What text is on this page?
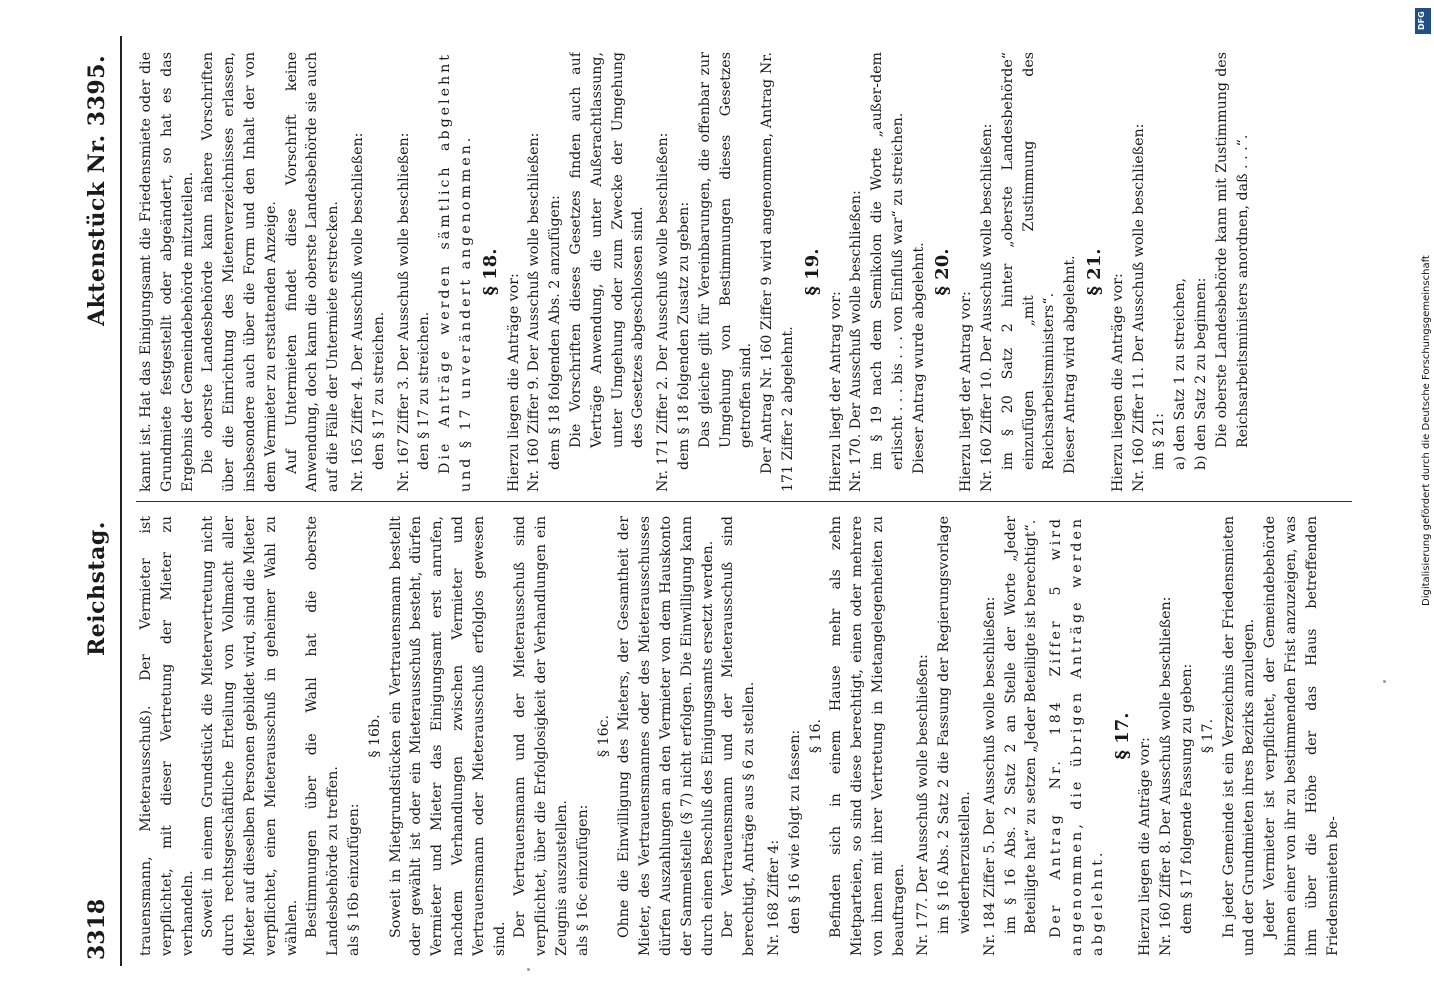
3318
Reichstag.
Aktenstück Nr. 3395.

trauensmann, Mieterausschuß). Der Vermieter ist verpflichtet, mit dieser Vertretung der Mieter zu verhandeln. Soweit in einem Grundstück die Mietervertretung nicht durch rechtsgeschäftliche Erteilung von Vollmacht aller Mieter auf dieselben Personen gebildet wird, sind die Mieter verpflichtet, einen Mieterausschuß in geheimer Wahl zu wählen. Bestimmungen über die Wahl hat die oberste Landesbehörde zu treffen. als § 16b einzufügen:

§ 16b. Soweit in Mietgrundstücken ein Vertrauensmann bestellt oder gewählt ist oder ein Mieterausschuß besteht, dürfen Vermieter und Mieter das Einigungsamt erst anrufen, nachdem Verhandlungen zwischen Vermieter und Vertrauensmann oder Mieterausschuß erfolglos gewesen sind.

Der Vertrauensmann und der Mieterausschuß sind verpflichtet, über die Erfolglosigkeit der Verhandlungen ein Zeugnis auszustellen. als § 16c einzufügen:

§ 16c. Ohne die Einwilligung des Mieters, der Gesamtheit der Mieter, des Vertrauensmannes oder des Mieterausschusses dürfen Auszahlungen an den Vermieter von dem Hauskonto der Sammelstelle (§ 7) nicht erfolgen. Die Einwilligung kann durch einen Beschluß des Einigungsamts ersetzt werden. Der Vertrauensmann und der Mieterausschuß sind berechtigt, Anträge aus § 6 zu stellen. Nr. 168 Ziffer 4: den § 16 wie folgt zu fassen: § 16. Befinden sich in einem Hause mehr als zehn Mietparteien, so sind diese berechtigt, einen oder mehrere von ihnen mit ihrer Vertretung in Mietangelegenheiten zu beauftragen. Nr. 177. Der Ausschuß wolle beschließen: im § 16 Abs. 2 Satz 2 die Fassung der Regierungsvorlage wiederherzustellen. Nr. 184 Ziffer 5. Der Ausschuß wolle beschließen: im § 16 Abs. 2 Satz 2 an Stelle der Worte „Jeder Beteiligte hat“ zu setzen „Jeder Beteiligte ist berechtigt“. Der Antrag Nr. 184 Ziffer 5 wird angenommen, die übrigen Anträge werden abgelehnt.

§ 17.

Hierzu liegen die Anträge vor: Nr. 160 Ziffer 8. Der Ausschuß wolle beschließen: dem § 17 folgende Fassung zu geben: § 17. In jeder Gemeinde ist ein Verzeichnis der Friedensmieten und der Grundmieten ihres Bezirks anzulegen. Jeder Vermieter ist verpflichtet, der Gemeindebehörde binnen einer von ihr zu bestimmenden Frist anzuzeigen, was ihm über die Höhe der das Haus betreffenden Friedensmieten be-

kannt ist. Hat das Einigungsamt die Friedensmiete oder die Grundmiete festgestellt oder abgeändert, so hat es das Ergebnis der Gemeindebehörde mitzuteilen. Die oberste Landesbehörde kann nähere Vorschriften über die Einrichtung des Mietenverzeichnisses erlassen, insbesondere auch über die Form und den Inhalt der von dem Vermieter zu erstattenden Anzeige. Auf Untermieten findet diese Vorschrift keine Anwendung, doch kann die oberste Landesbehörde sie auch auf die Fälle der Untermiete erstrecken. Nr. 165 Ziffer 4. Der Ausschuß wolle beschließen: den § 17 zu streichen. Nr. 167 Ziffer 3. Der Ausschuß wolle beschließen: den § 17 zu streichen. Die Anträge werden sämtlich abgelehnt und § 17 unverändert angenommen. § 18.

Hierzu liegen die Anträge vor: Nr. 160 Ziffer 9. Der Ausschuß wolle beschließen: dem § 18 folgenden Abs. 2 anzufügen: Die Vorschriften dieses Gesetzes finden auch auf Verträge Anwendung, die unter Außerachtlassung, unter Umgehung oder zum Zwecke der Umgehung des Gesetzes abgeschlossen sind. Nr. 171 Ziffer 2. Der Ausschuß wolle beschließen: dem § 18 folgenden Zusatz zu geben: Das gleiche gilt für Vereinbarungen, die offenbar zur Umgehung von Bestimmungen dieses Gesetzes getroffen sind. Der Antrag Nr. 160 Ziffer 9 wird angenommen, Antrag Nr. 171 Ziffer 2 abgelehnt.

§ 19.

Hierzu liegt der Antrag vor: Nr. 170. Der Ausschuß wolle beschließen: im § 19 nach dem Semikolon die Worte „außer-dem erlischt . . . bis . . . von Einfluß war“ zu streichen. Dieser Antrag wurde abgelehnt. § 20.

Hierzu liegt der Antrag vor: Nr. 160 Ziffer 10. Der Ausschuß wolle beschließen: im § 20 Satz 2 hinter „oberste Landesbehörde“ einzufügen „mit Zustimmung des Reichsarbeitsministers“. Dieser Antrag wird abgelehnt. § 21.

Hierzu liegen die Anträge vor: Nr. 160 Ziffer 11. Der Ausschuß wolle beschließen: im § 21: a) den Satz 1 zu streichen, b) den Satz 2 zu beginnen: Die oberste Landesbehörde kann mit Zustimmung des Reichsarbeitsministers anordnen, daß . . .“.

DFG
Digitalisierung gefördert durch die Deutsche Forschungsgemeinschaft
